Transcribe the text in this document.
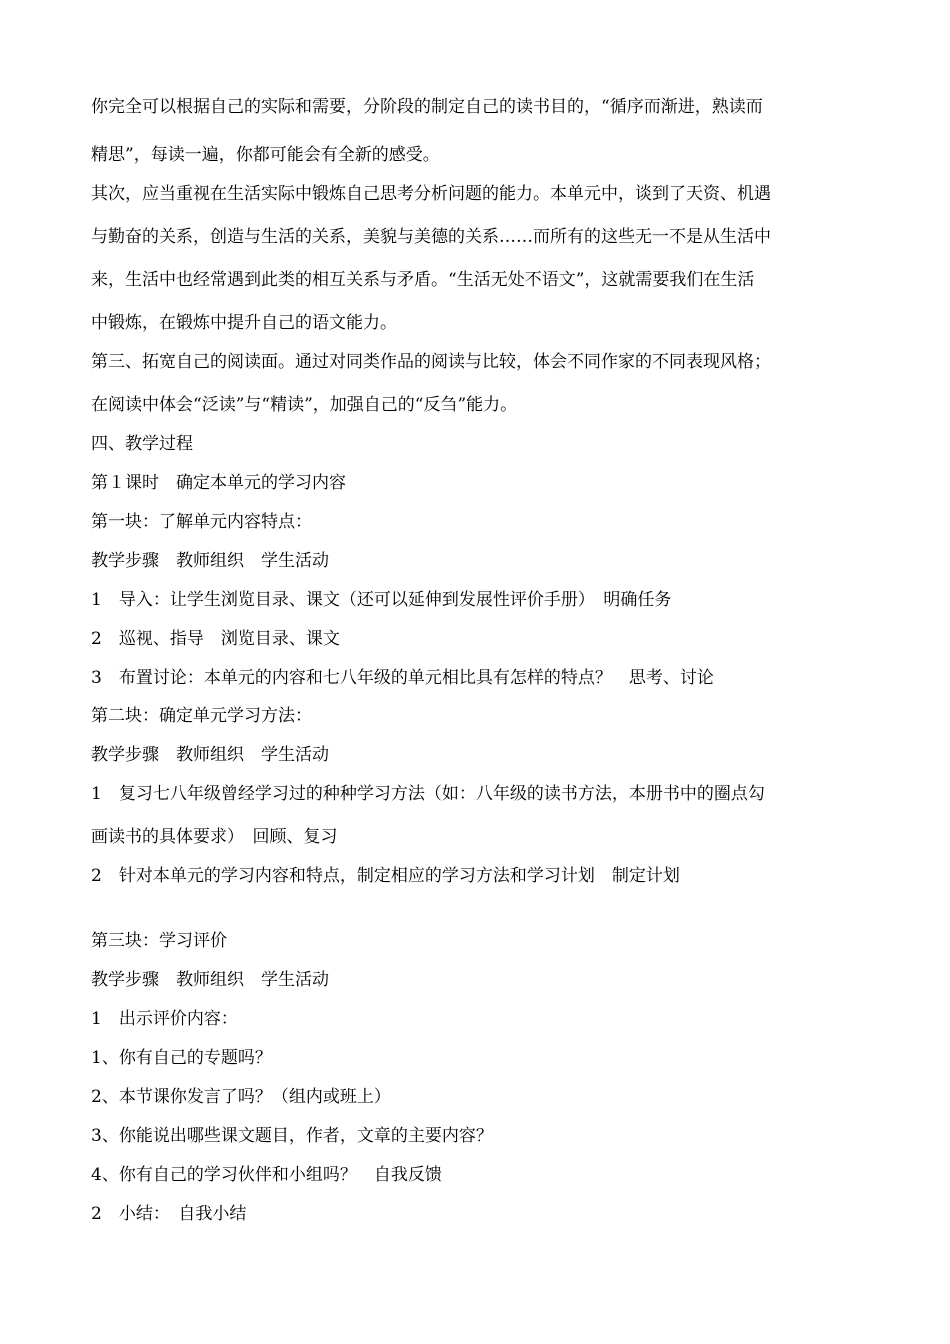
你完全可以根据自己的实际和需要，分阶段的制定自己的读书目的，“循序而渐进，熟读而
精思”，每读一遍，你都可能会有全新的感受。
其次，应当重视在生活实际中锻炼自己思考分析问题的能力。本单元中，谈到了天资、机遇
与勤奋的关系，创造与生活的关系，美貌与美德的关系……而所有的这些无一不是从生活中
来，生活中也经常遇到此类的相互关系与矛盾。“生活无处不语文”，这就需要我们在生活
中锻炼，在锻炼中提升自己的语文能力。
第三、拓宽自己的阅读面。通过对同类作品的阅读与比较，体会不同作家的不同表现风格；
在阅读中体会“泛读”与“精读”，加强自己的“反刍”能力。
四、教学过程
第１课时　确定本单元的学习内容
第一块：了解单元内容特点：
教学步骤　教师组织　学生活动
1　导入：让学生浏览目录、课文（还可以延伸到发展性评价手册）　明确任务
2　巡视、指导　浏览目录、课文
3　布置讨论：本单元的内容和七八年级的单元相比具有怎样的特点？　思考、讨论
第二块：确定单元学习方法：
教学步骤　教师组织　学生活动
1　复习七八年级曾经学习过的种种学习方法（如：八年级的读书方法，本册书中的圈点勾
画读书的具体要求）　回顾、复习
2　针对本单元的学习内容和特点，制定相应的学习方法和学习计划　制定计划
第三块：学习评价
教学步骤　教师组织　学生活动
1　出示评价内容：
1、你有自己的专题吗？
2、本节课你发言了吗？（组内或班上）
3、你能说出哪些课文题目，作者，文章的主要内容？
4、你有自己的学习伙伴和小组吗？　自我反馈
2　小结：　自我小结
